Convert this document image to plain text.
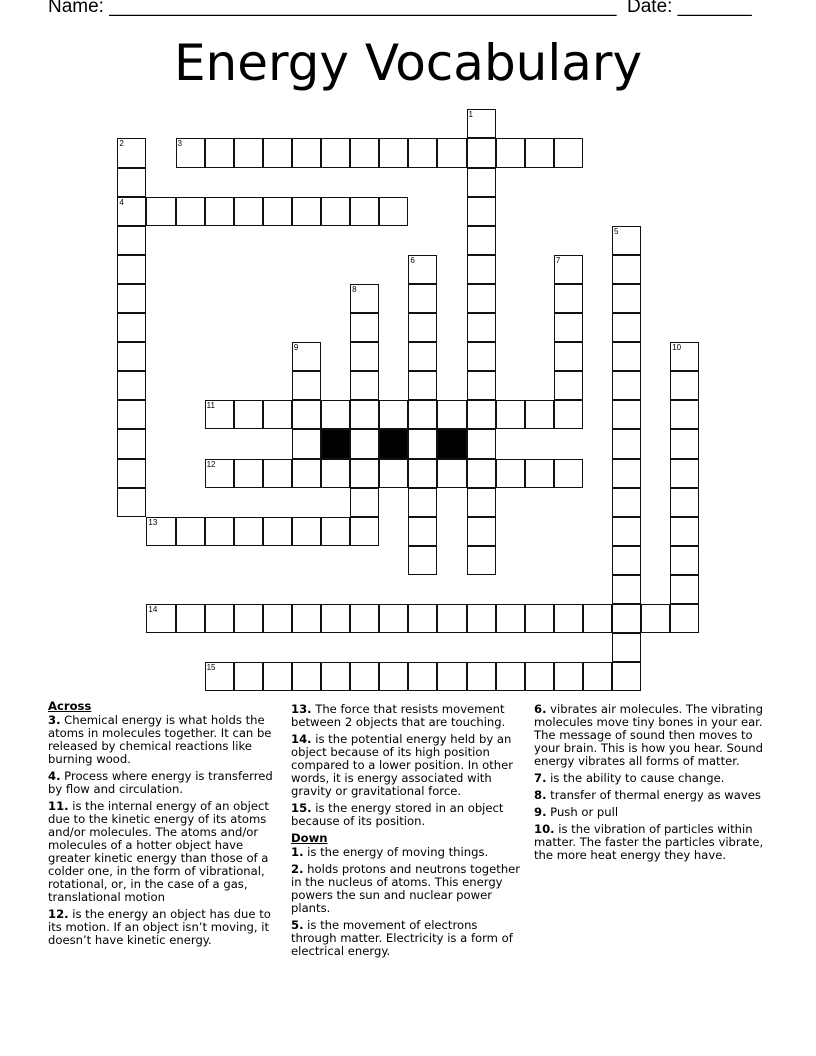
Name: ________________________________________________ Date: _______
Energy Vocabulary
1
2
4
3
5
6	7
8
9	10
11
12
13
14
15
Across
3. Chemical energy is what holds the atoms in molecules together. It can be released by chemical reactions like burning wood.
4. Process where energy is transferred by flow and circulation.
11. is the internal energy of an object due to the kinetic energy of its atoms and/or molecules. The atoms and/or molecules of a hotter object have greater kinetic energy than those of a colder one, in the form of vibrational, rotational, or, in the case of a gas, translational motion
12. is the energy an object has due to its motion. If an object isn’t moving, it doesn’t have kinetic energy.
13. The force that resists movement between 2 objects that are touching.
14. is the potential energy held by an object because of its high position compared to a lower position. In other words, it is energy associated with gravity or gravitational force.
15. is the energy stored in an object because of its position.
Down
1. is the energy of moving things.
2. holds protons and neutrons together in the nucleus of atoms. This energy powers the sun and nuclear power plants.
5. is the movement of electrons through matter. Electricity is a form of electrical energy.
6. vibrates air molecules. The vibrating molecules move tiny bones in your ear. The message of sound then moves to your brain. This is how you hear. Sound energy vibrates all forms of matter.
7. is the ability to cause change.
8. transfer of thermal energy as waves
9. Push or pull
10. is the vibration of particles within matter. The faster the particles vibrate, the more heat energy they have.
